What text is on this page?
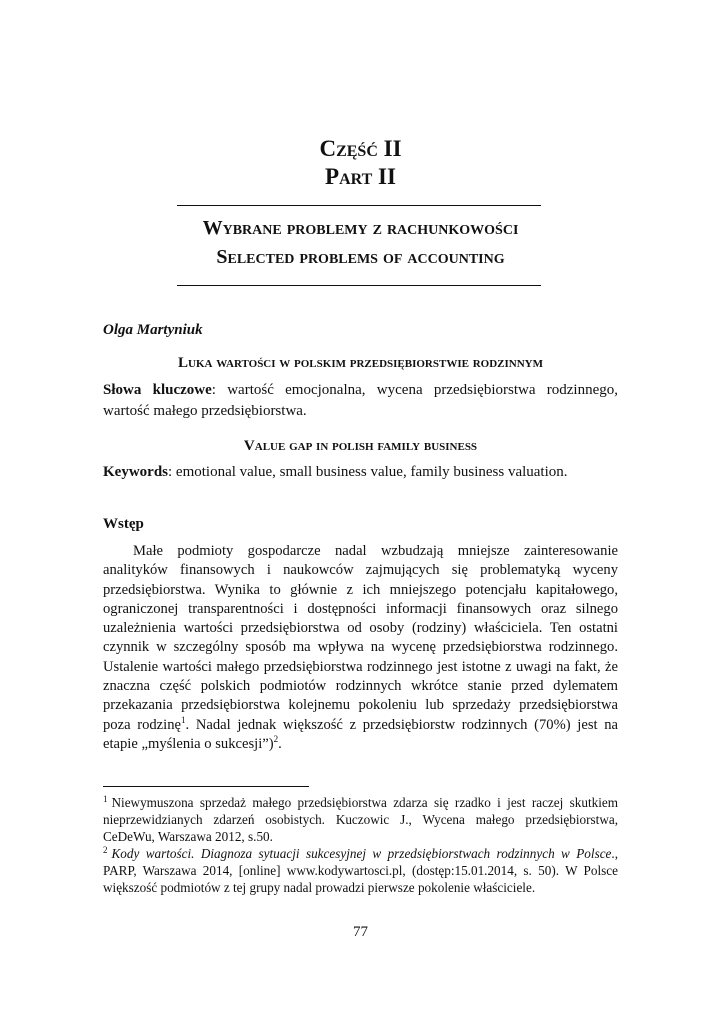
Część II
Part II
Wybrane problemy z rachunkowości
Selected problems of accounting
Olga Martyniuk
Luka wartości w polskim przedsiębiorstwie rodzinnym
Słowa kluczowe: wartość emocjonalna, wycena przedsiębiorstwa rodzinnego, wartość małego przedsiębiorstwa.
Value gap in polish family business
Keywords: emotional value, small business value, family business valuation.
Wstęp
Małe podmioty gospodarcze nadal wzbudzają mniejsze zainteresowanie analityków finansowych i naukowców zajmujących się problematyką wyceny przedsiębiorstwa. Wynika to głównie z ich mniejszego potencjału kapitałowego, ograniczonej transparentności i dostępności informacji finansowych oraz silnego uzależnienia wartości przedsiębiorstwa od osoby (rodziny) właściciela. Ten ostatni czynnik w szczególny sposób ma wpływa na wycenę przedsiębiorstwa rodzinnego. Ustalenie wartości małego przedsiębiorstwa rodzinnego jest istotne z uwagi na fakt, że znaczna część polskich podmiotów rodzinnych wkrótce stanie przed dylematem przekazania przedsiębiorstwa kolejnemu pokoleniu lub sprzedaży przedsiębiorstwa poza rodzinę$^1$. Nadal jednak większość z przedsiębiorstw rodzinnych (70%) jest na etapie „myślenia o sukcesji”)$^2$.
$^1$ Niewymuszona sprzedaż małego przedsiębiorstwa zdarza się rzadko i jest raczej skutkiem nieprzewidzianych zdarzeń osobistych. Kuczowic J., Wycena małego przedsiębiorstwa, CeDeWu, Warszawa 2012, s.50.
$^2$ Kody wartości. Diagnoza sytuacji sukcesyjnej w przedsiębiorstwach rodzinnych w Polsce., PARP, Warszawa 2014, [online] www.kodywartosci.pl, (dostęp:15.01.2014, s. 50). W Polsce większość podmiotów z tej grupy nadal prowadzi pierwsze pokolenie właściciele.
77
